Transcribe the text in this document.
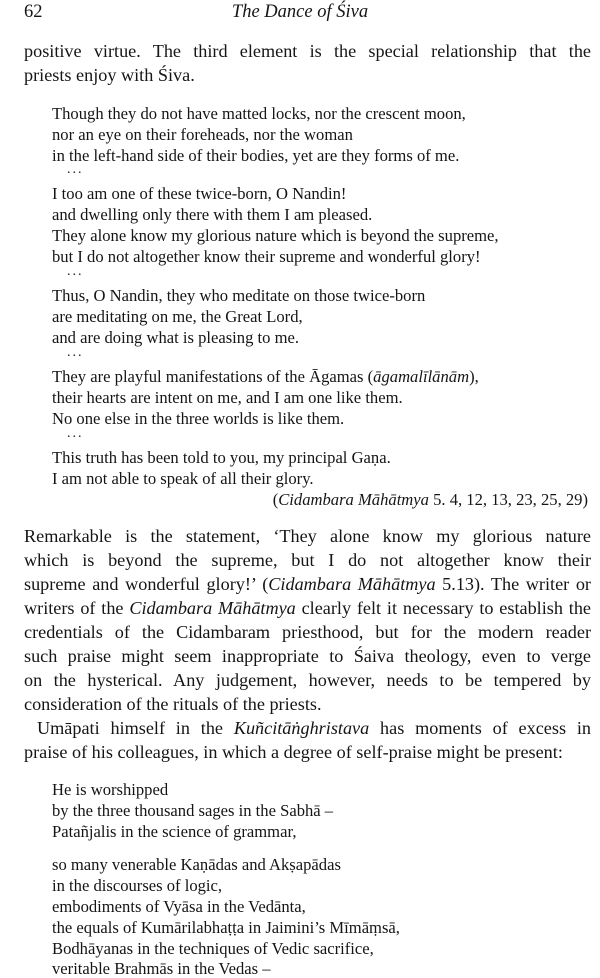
62	The Dance of Śiva
positive virtue. The third element is the special relationship that the
priests enjoy with Śiva.
Though they do not have matted locks, nor the crescent moon,
nor an eye on their foreheads, nor the woman
in the left-hand side of their bodies, yet are they forms of me.
...
I too am one of these twice-born, O Nandin!
and dwelling only there with them I am pleased.
They alone know my glorious nature which is beyond the supreme,
but I do not altogether know their supreme and wonderful glory!
...
Thus, O Nandin, they who meditate on those twice-born
are meditating on me, the Great Lord,
and are doing what is pleasing to me.
...
They are playful manifestations of the Āgamas (āgamalīlānām),
their hearts are intent on me, and I am one like them.
No one else in the three worlds is like them.
...
This truth has been told to you, my principal Gaṇa.
I am not able to speak of all their glory.
(Cidambara Māhātmya 5. 4, 12, 13, 23, 25, 29)
Remarkable is the statement, ‘They alone know my glorious nature
which is beyond the supreme, but I do not altogether know their
supreme and wonderful glory!’ (Cidambara Māhātmya 5.13). The writer or
writers of the Cidambara Māhātmya clearly felt it necessary to establish the
credentials of the Cidambaram priesthood, but for the modern reader
such praise might seem inappropriate to Śaiva theology, even to verge
on the hysterical. Any judgement, however, needs to be tempered by
consideration of the rituals of the priests.
Umāpati himself in the Kuñcitāṅghristava has moments of excess in
praise of his colleagues, in which a degree of self-praise might be present:
He is worshipped
by the three thousand sages in the Sabhā –
Patañjalis in the science of grammar,
so many venerable Kaṇādas and Akṣapādas
in the discourses of logic,
embodiments of Vyāsa in the Vedānta,
the equals of Kumārilabhaṭṭa in Jaimini’s Mīmāṃsā,
Bodhāyanas in the techniques of Vedic sacrifice,
veritable Brahmās in the Vedas –
